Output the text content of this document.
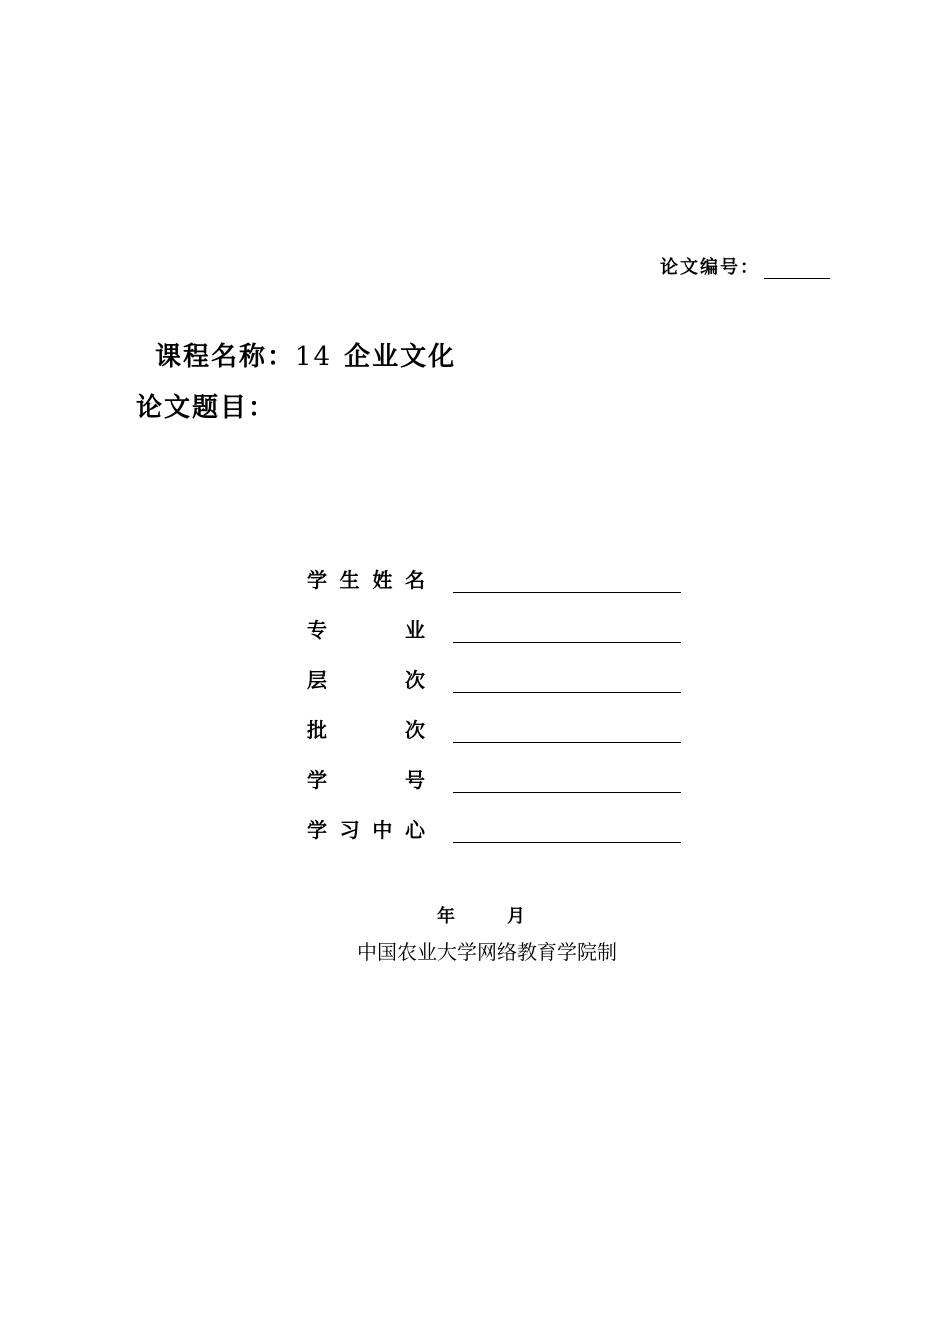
论文编号：
课程名称：14 企业文化
论文题目：
学 生 姓 名
专	业
层	次
批	次
学	号
学 习 中 心
年	月
中国农业大学网络教育学院制
